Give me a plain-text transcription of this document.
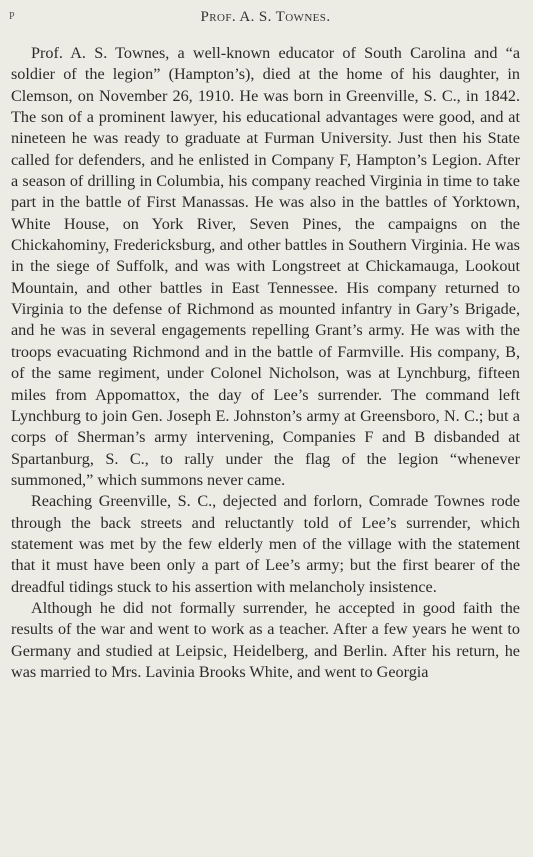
P	Prof. A. S. Townes.

Prof. A. S. Townes, a well-known educator of South Carolina and “a soldier of the legion” (Hampton’s), died at the home of his daughter, in Clemson, on November 26, 1910. He was born in Greenville, S. C., in 1842. The son of a prominent lawyer, his educational advantages were good, and at nineteen he was ready to graduate at Furman University. Just then his State called for defenders, and he enlisted in Company F, Hampton’s Legion. After a season of drilling in Columbia, his company reached Virginia in time to take part in the battle of First Manassas. He was also in the battles of Yorktown, White House, on York River, Seven Pines, the campaigns on the Chickahominy, Fredericksburg, and other battles in Southern Virginia. He was in the siege of Suffolk, and was with Longstreet at Chickamauga, Lookout Mountain, and other battles in East Tennessee. His company returned to Virginia to the defense of Richmond as mounted infantry in Gary’s Brigade, and he was in several engagements repelling Grant’s army. He was with the troops evacuating Richmond and in the battle of Farmville. His company, B, of the same regiment, under Colonel Nicholson, was at Lynchburg, fifteen miles from Appomattox, the day of Lee’s surrender. The command left Lynchburg to join Gen. Joseph E. Johnston’s army at Greensboro, N. C.; but a corps of Sherman’s army intervening, Companies F and B disbanded at Spartanburg, S. C., to rally under the flag of the legion “whenever summoned,” which summons never came.

Reaching Greenville, S. C., dejected and forlorn, Comrade Townes rode through the back streets and reluctantly told of Lee’s surrender, which statement was met by the few elderly men of the village with the statement that it must have been only a part of Lee’s army; but the first bearer of the dreadful tidings stuck to his assertion with melancholy insistence.

Although he did not formally surrender, he accepted in good faith the results of the war and went to work as a teacher. After a few years he went to Germany and studied at Leipsic, Heidelberg, and Berlin. After his return, he was married to Mrs. Lavinia Brooks White, and went to Georgia
